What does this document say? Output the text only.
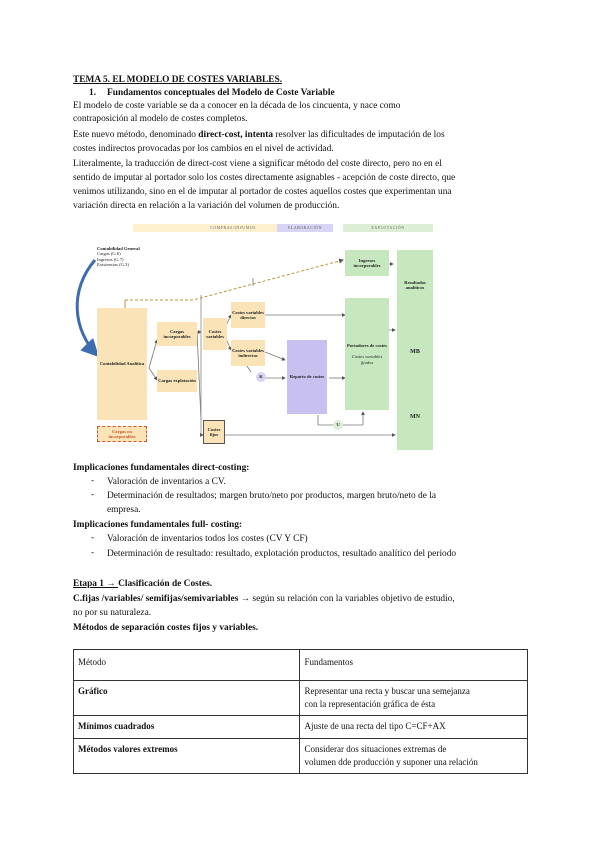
TEMA 5. EL MODELO DE COSTES VARIABLES.
1. Fundamentos conceptuales del Modelo de Coste Variable
El modelo de coste variable se da a conocer en la década de los cincuenta, y nace como
contraposición al modelo de costes completos.
Este nuevo método, denominado direct-cost, intenta resolver las dificultades de imputación de los
costes indirectos provocadas por los cambios en el nivel de actividad.
Literalmente, la traducción de direct-cost viene a significar método del coste directo, pero no en el
sentido de imputar al portador solo los costes directamente asignables - acepción de coste directo, que
venimos utilizando, sino en el de imputar al portador de costes aquellos costes que experimentan una
variación directa en relación a la variación del volumen de producción.
COMPRAS/INSUMOS	ELABORACIÓN	EXPLOTACIÓN
Contabilidad General
Cargas (G.6)
Ingresos (G.7)
Existencias (G.3)
Contabilidad Analítica
Cargas no incorporables
Cargas incorporables
Cargas explotación
Costes variables
Costes variables directos
Costes variables indirectos
Costes fijos
K	Reparto de costes
U
Ingresos incorporables
Portadores de costes
Costes variables fijados
Resultados analíticos
MB
MN
Implicaciones fundamentales direct-costing:
- Valoración de inventarios a CV.
- Determinación de resultados; margen bruto/neto por productos, margen bruto/neto de la
empresa.
Implicaciones fundamentales full- costing:
- Valoración de inventarios todos los costes (CV Y CF)
- Determinación de resultado: resultado, explotación productos, resultado analítico del periodo
Etapa 1 → Clasificación de Costes.
C.fijas /variables/ semifijas/semivariables → según su relación con la variables objetivo de estudio,
no por su naturaleza.
Métodos de separación costes fijos y variables.
Método	Fundamentos
Gráfico	Representar una recta y buscar una semejanza
con la representación gráfica de ésta

Mínimos cuadrados	Ajuste de una recta del tipo C=CF+AX
Métodos valores extremos	Considerar dos situaciones extremas de
volumen dde producción y suponer una relación
